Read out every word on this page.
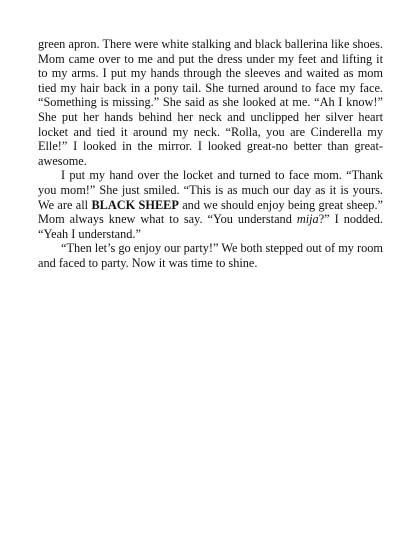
green apron. There were white stalking and black ballerina like shoes. Mom came over to me and put the dress under my feet and lifting it to my arms. I put my hands through the sleeves and waited as mom tied my hair back in a pony tail. She turned around to face my face. “Something is missing.” She said as she looked at me. “Ah I know!” She put her hands behind her neck and unclipped her silver heart locket and tied it around my neck. “Rolla, you are Cinderella my Elle!” I looked in the mirror. I looked great-no better than great-awesome.

I put my hand over the locket and turned to face mom. “Thank you mom!” She just smiled. “This is as much our day as it is yours. We are all BLACK SHEEP and we should enjoy being great sheep.” Mom always knew what to say. “You understand mija?” I nodded. “Yeah I understand.”

“Then let’s go enjoy our party!” We both stepped out of my room and faced to party. Now it was time to shine.
